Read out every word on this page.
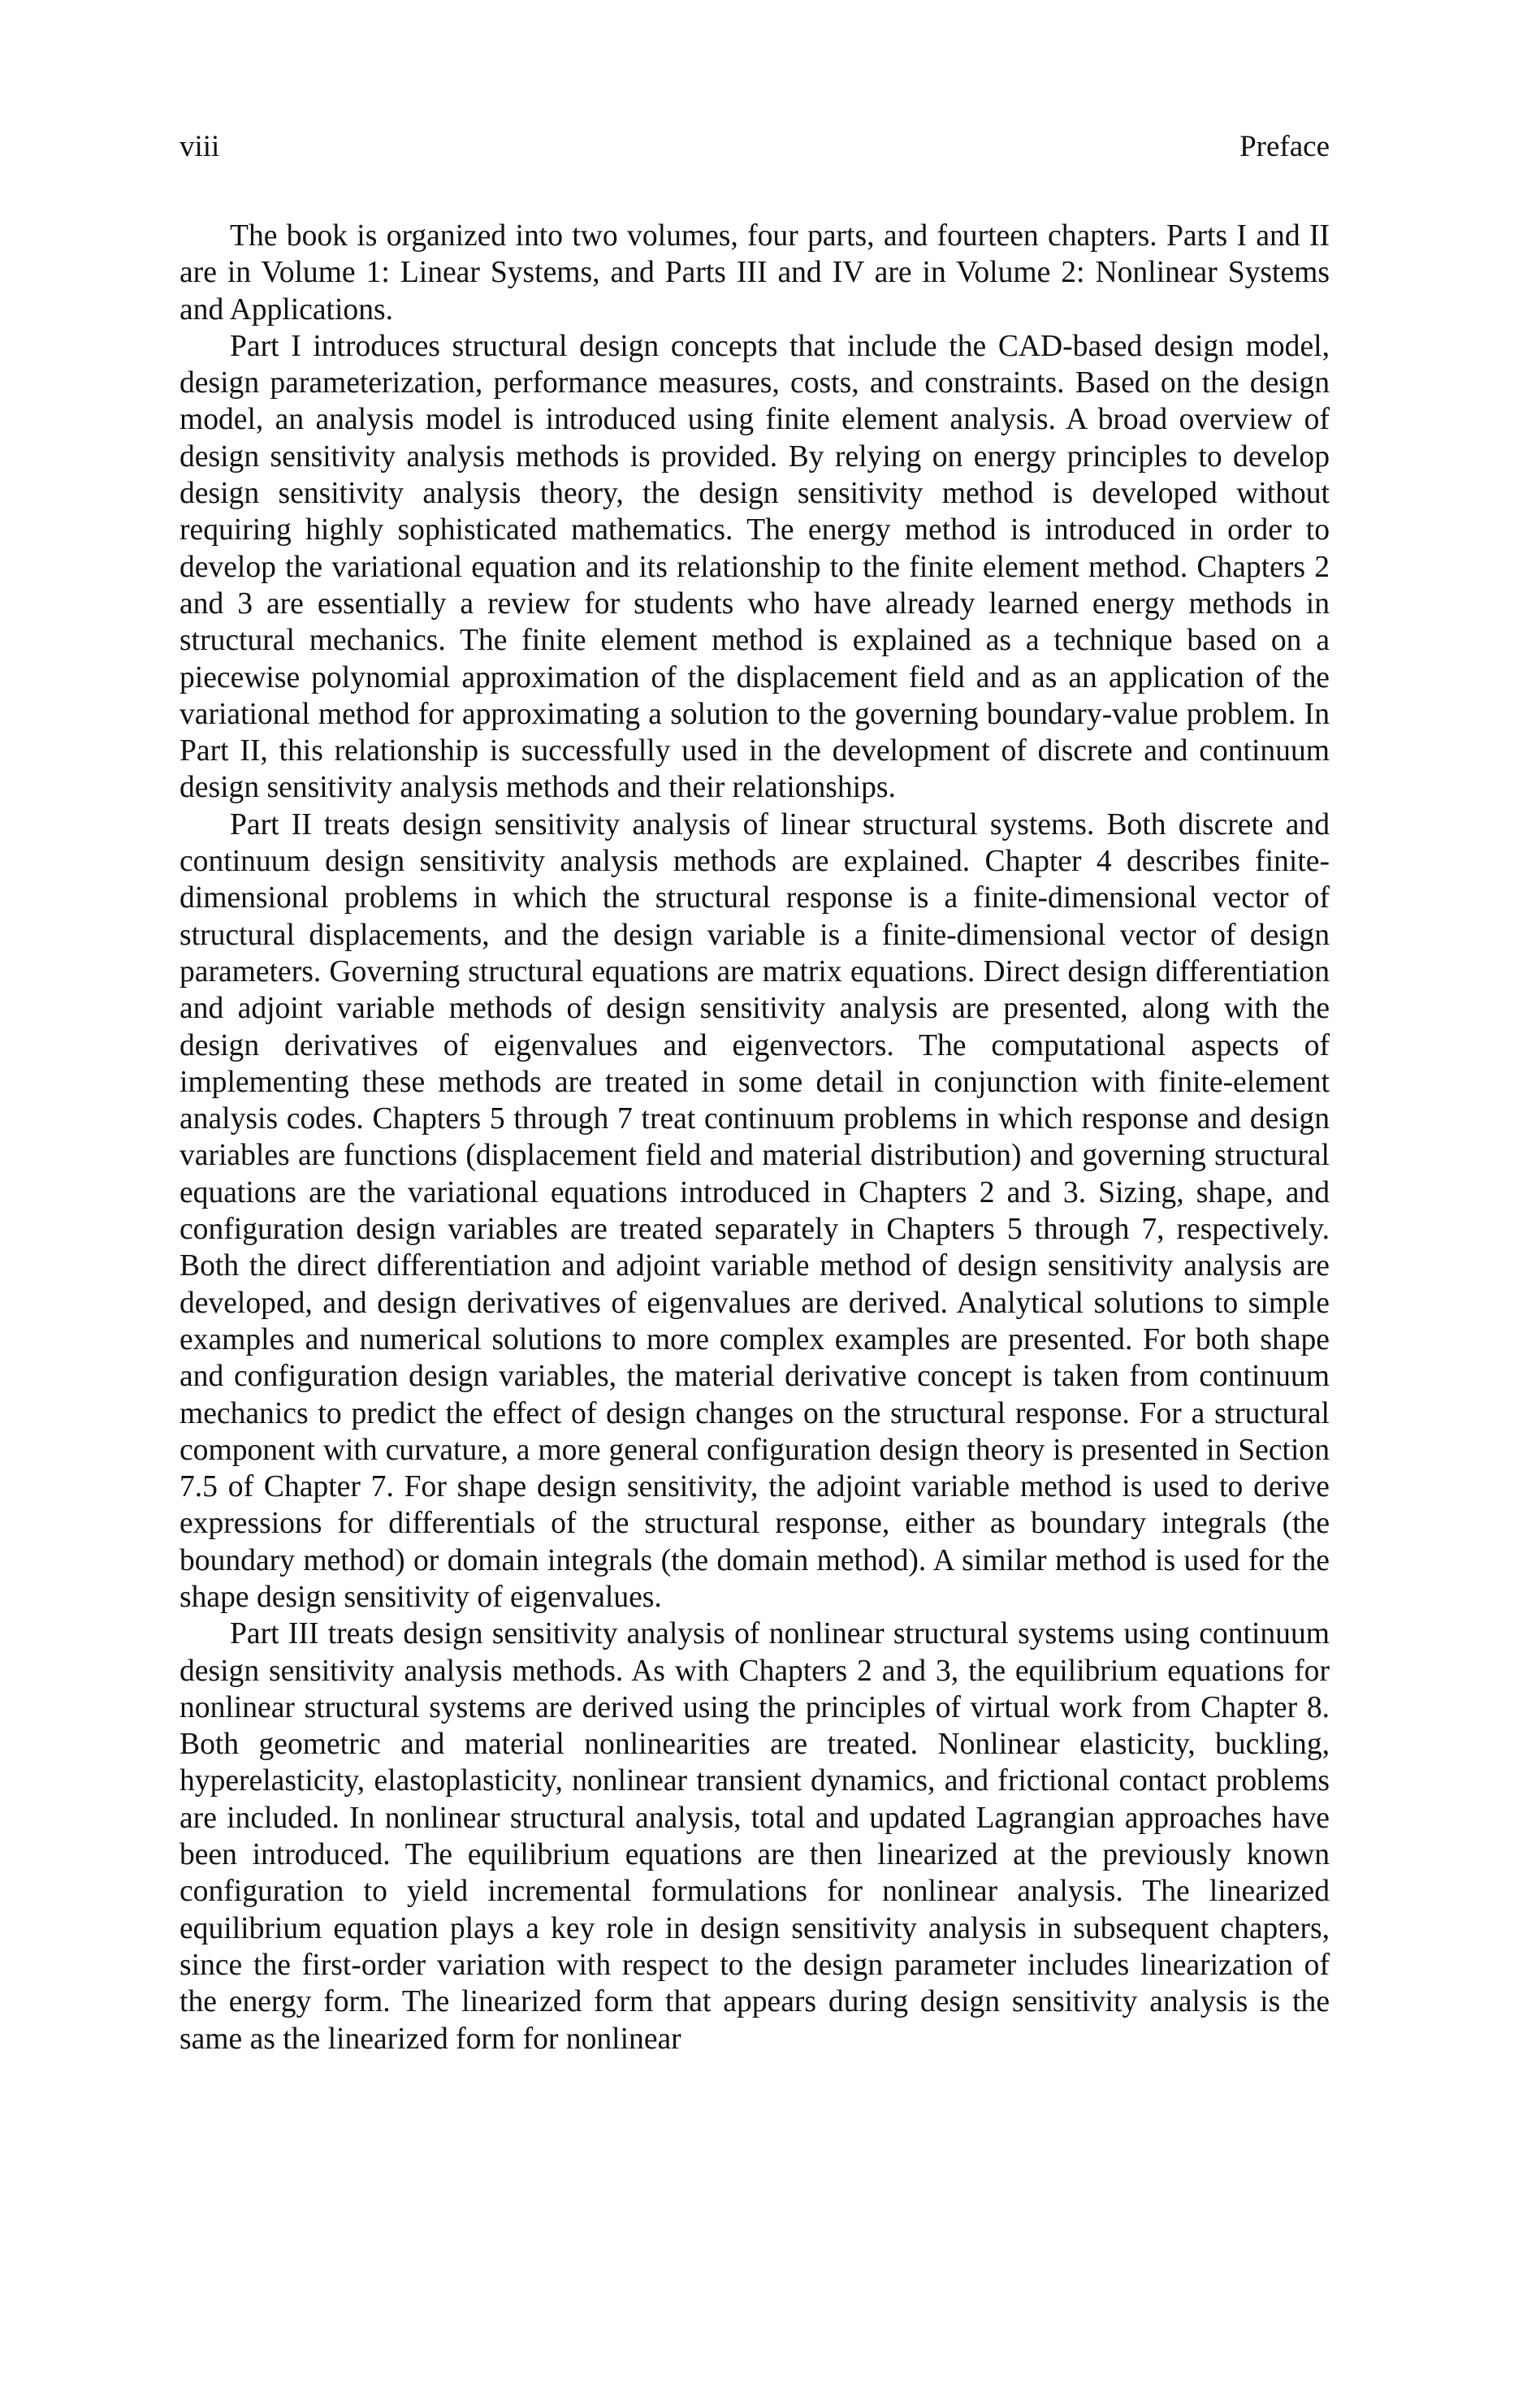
viii	Preface

The book is organized into two volumes, four parts, and fourteen chapters. Parts I and II are in Volume 1: Linear Systems, and Parts III and IV are in Volume 2: Nonlinear Systems and Applications.

Part I introduces structural design concepts that include the CAD-based design model, design parameterization, performance measures, costs, and constraints. Based on the design model, an analysis model is introduced using finite element analysis. A broad overview of design sensitivity analysis methods is provided. By relying on energy principles to develop design sensitivity analysis theory, the design sensitivity method is developed without requiring highly sophisticated mathematics. The energy method is introduced in order to develop the variational equation and its relationship to the finite element method. Chapters 2 and 3 are essentially a review for students who have already learned energy methods in structural mechanics. The finite element method is explained as a technique based on a piecewise polynomial approximation of the displacement field and as an application of the variational method for approximating a solution to the governing boundary-value problem. In Part II, this relationship is successfully used in the development of discrete and continuum design sensitivity analysis methods and their relationships.

Part II treats design sensitivity analysis of linear structural systems. Both discrete and continuum design sensitivity analysis methods are explained. Chapter 4 describes finite-dimensional problems in which the structural response is a finite-dimensional vector of structural displacements, and the design variable is a finite-dimensional vector of design parameters. Governing structural equations are matrix equations. Direct design differentiation and adjoint variable methods of design sensitivity analysis are presented, along with the design derivatives of eigenvalues and eigenvectors. The computational aspects of implementing these methods are treated in some detail in conjunction with finite-element analysis codes. Chapters 5 through 7 treat continuum problems in which response and design variables are functions (displacement field and material distribution) and governing structural equations are the variational equations introduced in Chapters 2 and 3. Sizing, shape, and configuration design variables are treated separately in Chapters 5 through 7, respectively. Both the direct differentiation and adjoint variable method of design sensitivity analysis are developed, and design derivatives of eigenvalues are derived. Analytical solutions to simple examples and numerical solutions to more complex examples are presented. For both shape and configuration design variables, the material derivative concept is taken from continuum mechanics to predict the effect of design changes on the structural response. For a structural component with curvature, a more general configuration design theory is presented in Section 7.5 of Chapter 7. For shape design sensitivity, the adjoint variable method is used to derive expressions for differentials of the structural response, either as boundary integrals (the boundary method) or domain integrals (the domain method). A similar method is used for the shape design sensitivity of eigenvalues.

Part III treats design sensitivity analysis of nonlinear structural systems using continuum design sensitivity analysis methods. As with Chapters 2 and 3, the equilibrium equations for nonlinear structural systems are derived using the principles of virtual work from Chapter 8. Both geometric and material nonlinearities are treated. Nonlinear elasticity, buckling, hyperelasticity, elastoplasticity, nonlinear transient dynamics, and frictional contact problems are included. In nonlinear structural analysis, total and updated Lagrangian approaches have been introduced. The equilibrium equations are then linearized at the previously known configuration to yield incremental formulations for nonlinear analysis. The linearized equilibrium equation plays a key role in design sensitivity analysis in subsequent chapters, since the first-order variation with respect to the design parameter includes linearization of the energy form. The linearized form that appears during design sensitivity analysis is the same as the linearized form for nonlinear
